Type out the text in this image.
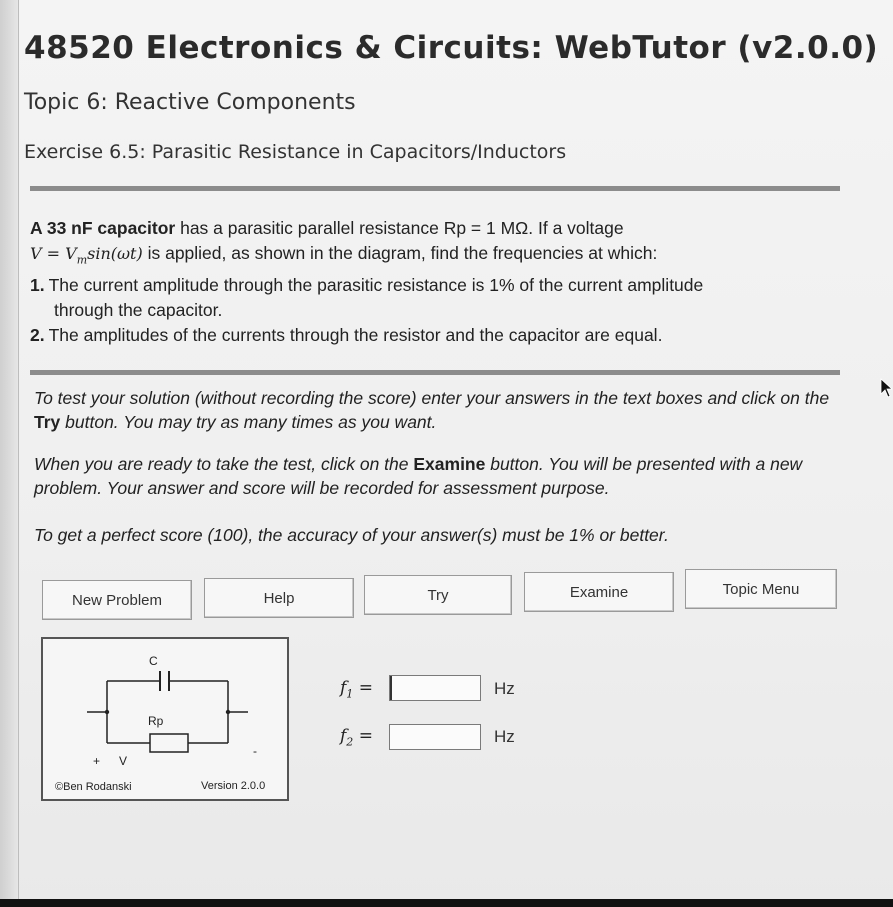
48520 Electronics & Circuits: WebTutor (v2.0.0)
Topic 6: Reactive Components
Exercise 6.5: Parasitic Resistance in Capacitors/Inductors
A 33 nF capacitor has a parasitic parallel resistance Rp = 1 MΩ. If a voltage
$V = V_m\sin(\omega t)$ is applied, as shown in the diagram, find the frequencies at which:
1. The current amplitude through the parasitic resistance is 1% of the current amplitude
through the capacitor.
2. The amplitudes of the currents through the resistor and the capacitor are equal.
To test your solution (without recording the score) enter your answers in the text boxes and click on the Try button. You may try as many times as you want.
When you are ready to take the test, click on the Examine button. You will be presented with a new problem. Your answer and score will be recorded for assessment purpose.
To get a perfect score (100), the accuracy of your answer(s) must be 1% or better.
New Problem	Help	Try	Examine	Topic Menu
C
Rp
+ V
-
©Ben Rodanski	Version 2.0.0
$f_1$ =	Hz
$f_2$ =	Hz
